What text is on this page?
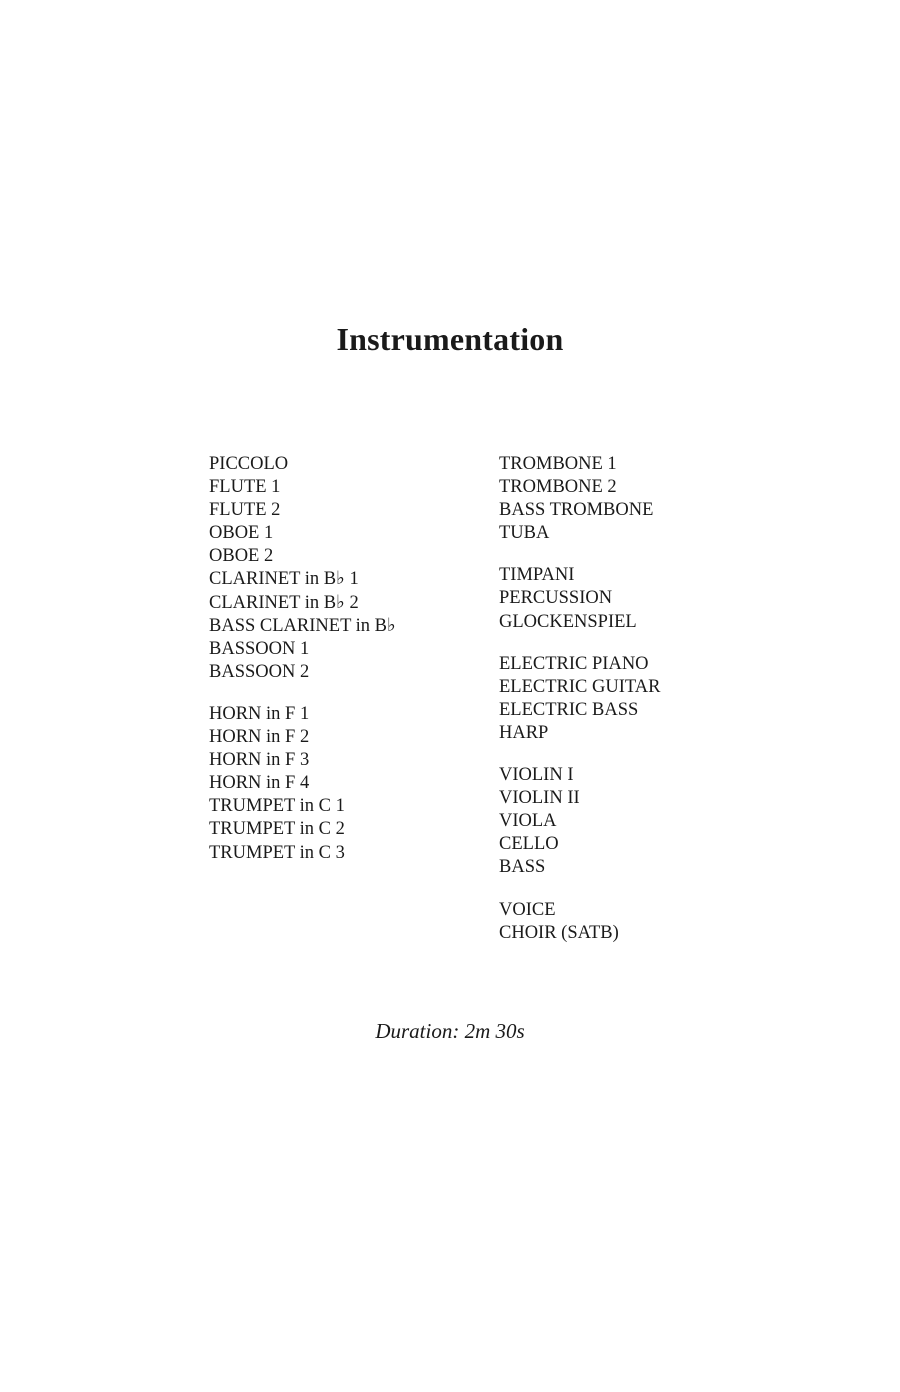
Instrumentation
PICCOLO
FLUTE 1
FLUTE 2
OBOE 1
OBOE 2
CLARINET in B♭ 1
CLARINET in B♭ 2
BASS CLARINET in B♭
BASSOON 1
BASSOON 2
HORN in F 1
HORN in F 2
HORN in F 3
HORN in F 4
TRUMPET in C 1
TRUMPET in C 2
TRUMPET in C 3
TROMBONE 1
TROMBONE 2
BASS TROMBONE
TUBA
TIMPANI
PERCUSSION
GLOCKENSPIEL
ELECTRIC PIANO
ELECTRIC GUITAR
ELECTRIC BASS
HARP
VIOLIN I
VIOLIN II
VIOLA
CELLO
BASS
VOICE
CHOIR (SATB)

Duration: 2m 30s
